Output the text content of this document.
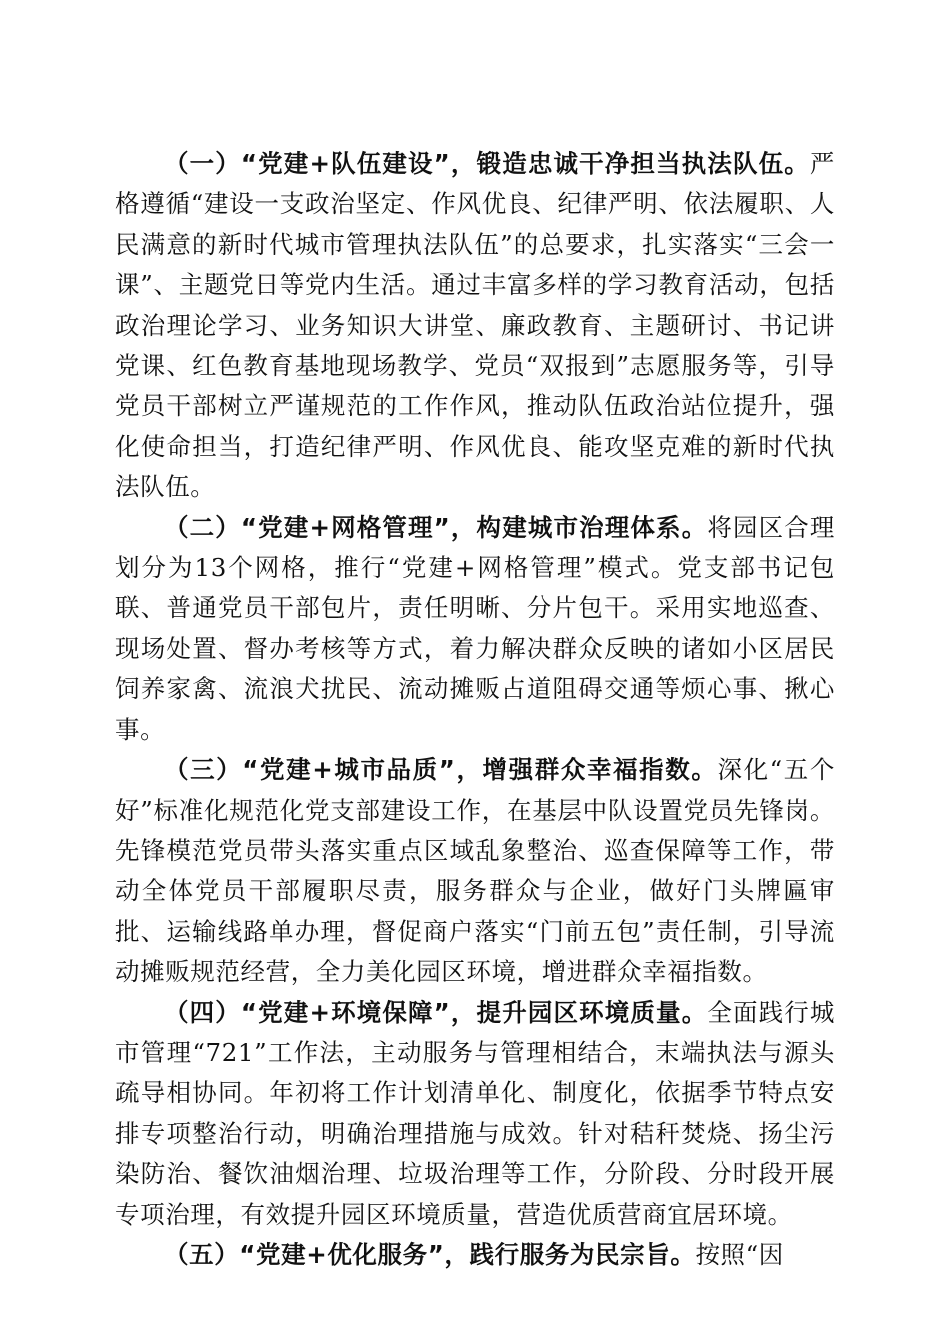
（一）“党建+队伍建设”，锻造忠诚干净担当执法队伍。严格遵循“建设一支政治坚定、作风优良、纪律严明、依法履职、人民满意的新时代城市管理执法队伍”的总要求，扎实落实“三会一课”、主题党日等党内生活。通过丰富多样的学习教育活动，包括政治理论学习、业务知识大讲堂、廉政教育、主题研讨、书记讲党课、红色教育基地现场教学、党员“双报到”志愿服务等，引导党员干部树立严谨规范的工作作风，推动队伍政治站位提升，强化使命担当，打造纪律严明、作风优良、能攻坚克难的新时代执法队伍。

（二）“党建+网格管理”，构建城市治理体系。将园区合理划分为13个网格，推行“党建+网格管理”模式。党支部书记包联、普通党员干部包片，责任明晰、分片包干。采用实地巡查、现场处置、督办考核等方式，着力解决群众反映的诸如小区居民饲养家禽、流浪犬扰民、流动摊贩占道阻碍交通等烦心事、揪心事。

（三）“党建+城市品质”，增强群众幸福指数。深化“五个好”标准化规范化党支部建设工作，在基层中队设置党员先锋岗。先锋模范党员带头落实重点区域乱象整治、巡查保障等工作，带动全体党员干部履职尽责，服务群众与企业，做好门头牌匾审批、运输线路单办理，督促商户落实“门前五包”责任制，引导流动摊贩规范经营，全力美化园区环境，增进群众幸福指数。

（四）“党建+环境保障”，提升园区环境质量。全面践行城市管理“721”工作法，主动服务与管理相结合，末端执法与源头疏导相协同。年初将工作计划清单化、制度化，依据季节特点安排专项整治行动，明确治理措施与成效。针对秸秆焚烧、扬尘污染防治、餐饮油烟治理、垃圾治理等工作，分阶段、分时段开展专项治理，有效提升园区环境质量，营造优质营商宜居环境。

（五）“党建+优化服务”，践行服务为民宗旨。按照“因
